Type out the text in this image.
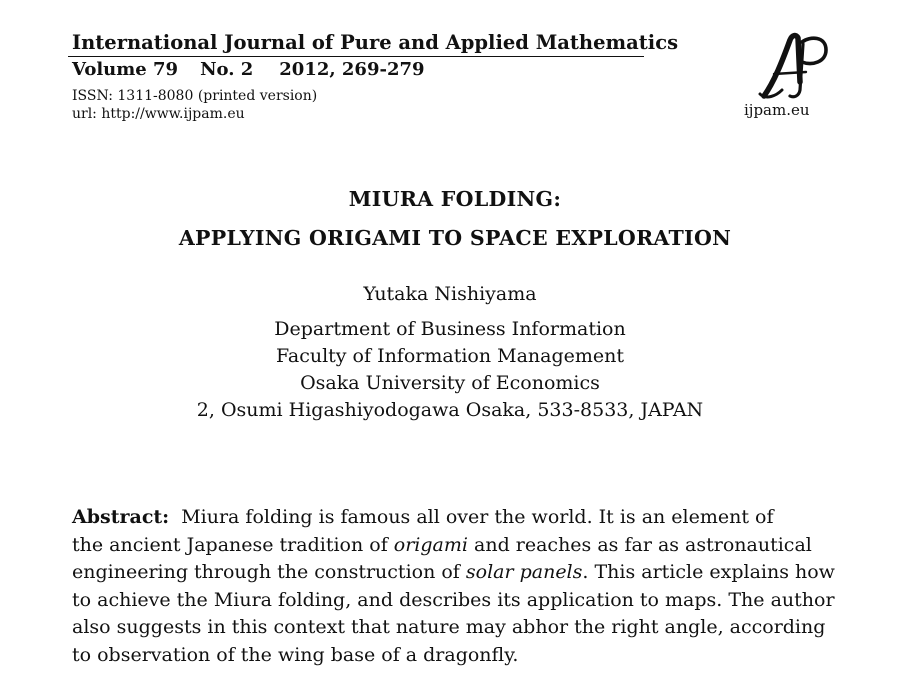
International Journal of Pure and Applied Mathematics
Volume 79 No. 2 2012, 269-279
ISSN: 1311-8080 (printed version)
url: http://www.ijpam.eu	ijpam.eu
MIURA FOLDING:
APPLYING ORIGAMI TO SPACE EXPLORATION
Yutaka Nishiyama
Department of Business Information
Faculty of Information Management
Osaka University of Economics
2, Osumi Higashiyodogawa Osaka, 533-8533, JAPAN
Abstract: Miura folding is famous all over the world. It is an element of
the ancient Japanese tradition of origami and reaches as far as astronautical
engineering through the construction of solar panels. This article explains how
to achieve the Miura folding, and describes its application to maps. The author
also suggests in this context that nature may abhor the right angle, according
to observation of the wing base of a dragonfly.
